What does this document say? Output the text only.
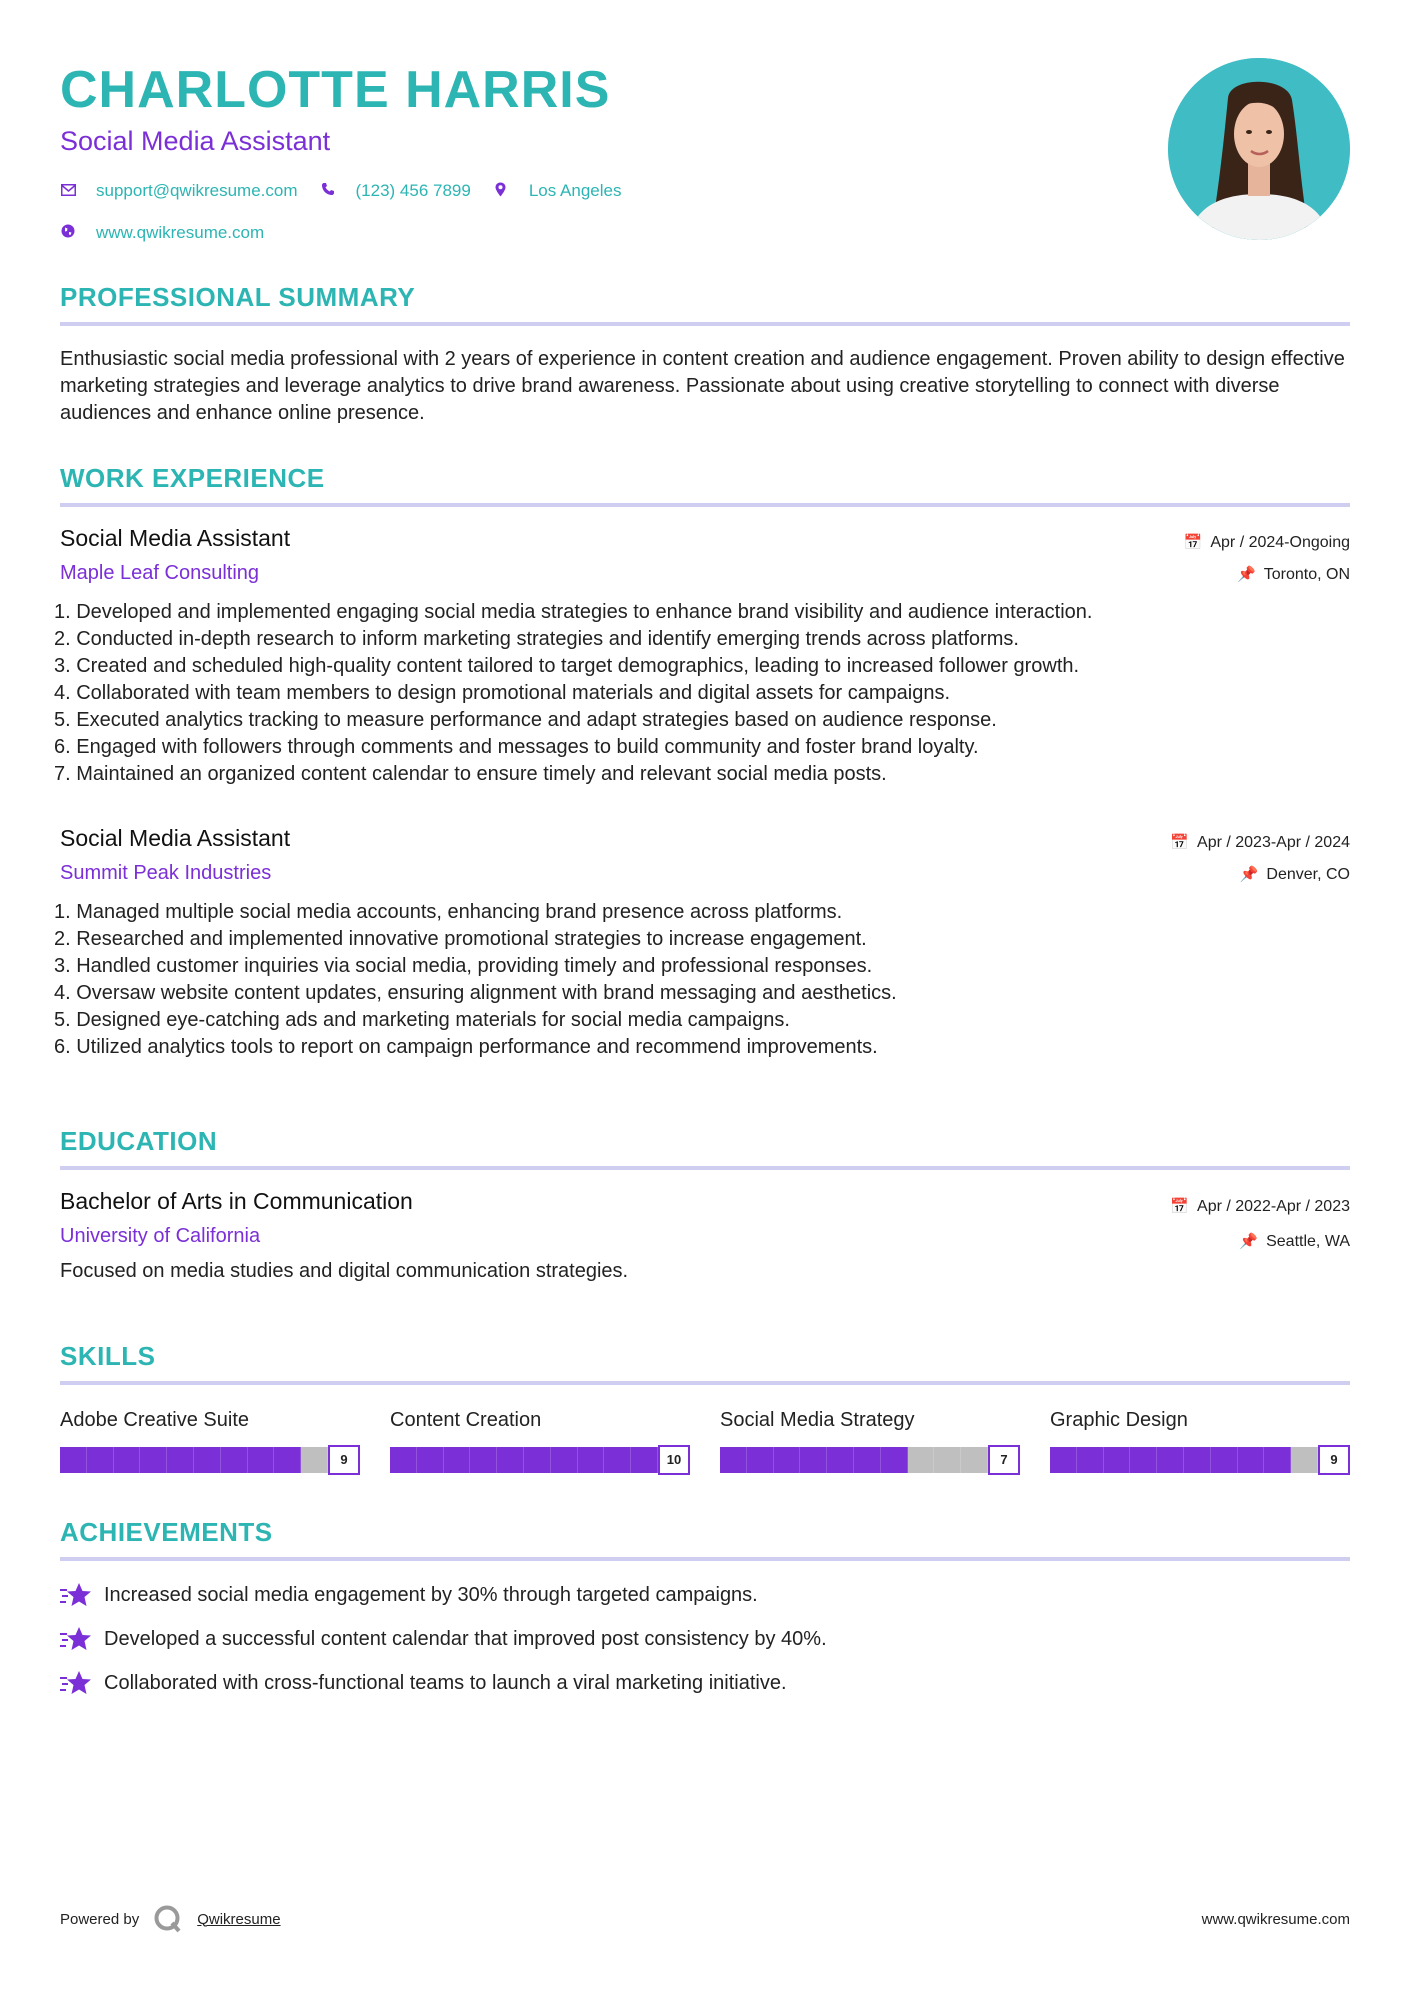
CHARLOTTE HARRIS
Social Media Assistant
support@qwikresume.com	(123) 456 7899	Los Angeles
www.qwikresume.com
PROFESSIONAL SUMMARY
Enthusiastic social media professional with 2 years of experience in content creation and audience engagement. Proven ability to design effective marketing strategies and leverage analytics to drive brand awareness. Passionate about using creative storytelling to connect with diverse audiences and enhance online presence.
WORK EXPERIENCE
Social Media Assistant
Maple Leaf Consulting
📅 Apr / 2024-Ongoing
📌 Toronto, ON
1. Developed and implemented engaging social media strategies to enhance brand visibility and audience interaction.
2. Conducted in-depth research to inform marketing strategies and identify emerging trends across platforms.
3. Created and scheduled high-quality content tailored to target demographics, leading to increased follower growth.
4. Collaborated with team members to design promotional materials and digital assets for campaigns.
5. Executed analytics tracking to measure performance and adapt strategies based on audience response.
6. Engaged with followers through comments and messages to build community and foster brand loyalty.
7. Maintained an organized content calendar to ensure timely and relevant social media posts.
Social Media Assistant
Summit Peak Industries
📅 Apr / 2023-Apr / 2024
📌 Denver, CO
1. Managed multiple social media accounts, enhancing brand presence across platforms.
2. Researched and implemented innovative promotional strategies to increase engagement.
3. Handled customer inquiries via social media, providing timely and professional responses.
4. Oversaw website content updates, ensuring alignment with brand messaging and aesthetics.
5. Designed eye-catching ads and marketing materials for social media campaigns.
6. Utilized analytics tools to report on campaign performance and recommend improvements.
EDUCATION
Bachelor of Arts in Communication
University of California
📅 Apr / 2022-Apr / 2023
📌 Seattle, WA
Focused on media studies and digital communication strategies.
SKILLS
Adobe Creative Suite
9
Content Creation
10
Social Media Strategy
7
Graphic Design
9
ACHIEVEMENTS
Increased social media engagement by 30% through targeted campaigns.
Developed a successful content calendar that improved post consistency by 40%.
Collaborated with cross-functional teams to launch a viral marketing initiative.
Powered by	Qwikresume	www.qwikresume.com
